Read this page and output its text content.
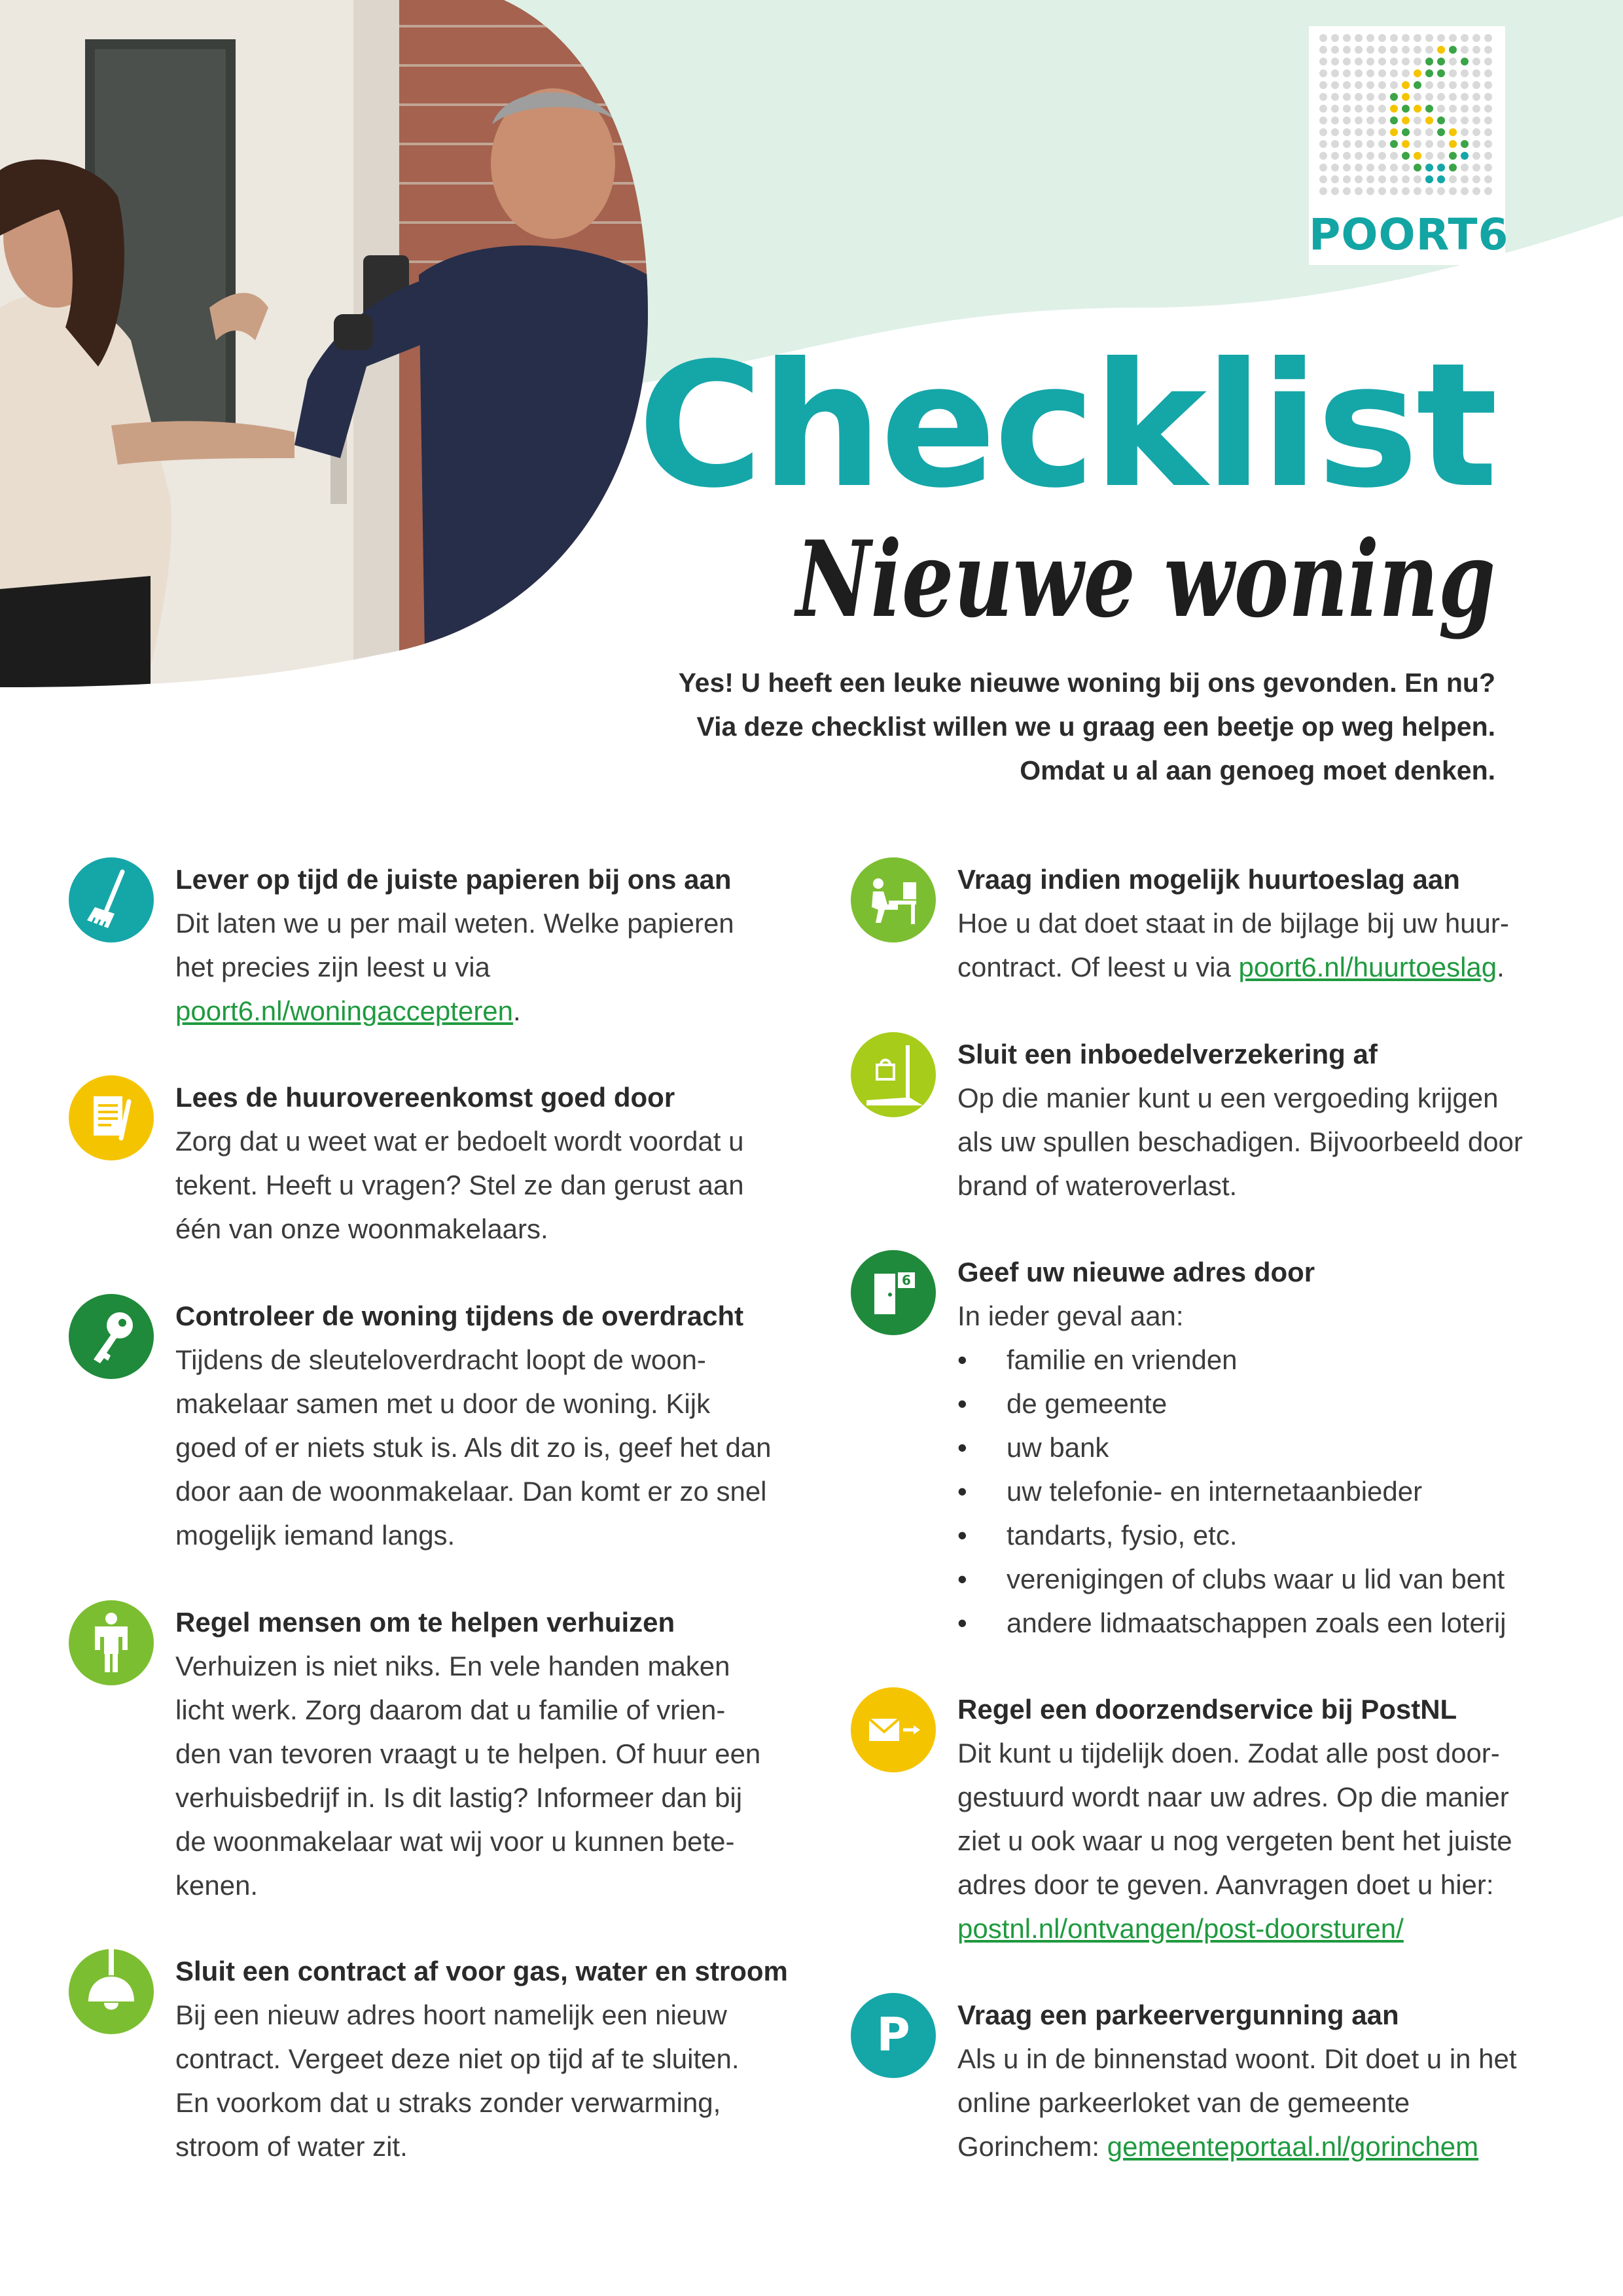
POORT6
Checklist
Nieuwe woning
Yes! U heeft een leuke nieuwe woning bij ons gevonden. En nu?
Via deze checklist willen we u graag een beetje op weg helpen.
Omdat u al aan genoeg moet denken.
Lever op tijd de juiste papieren bij ons aan

Dit laten we u per mail weten. Welke papieren

het precies zijn leest u via

poort6.nl/woningaccepteren.

Lees de huurovereenkomst goed door

Zorg dat u weet wat er bedoelt wordt voordat u

tekent. Heeft u vragen? Stel ze dan gerust aan

één van onze woonmakelaars.

Controleer de woning tijdens de overdracht

Tijdens de sleuteloverdracht loopt de woon-

makelaar samen met u door de woning. Kijk

goed of er niets stuk is. Als dit zo is, geef het dan

door aan de woonmakelaar. Dan komt er zo snel

mogelijk iemand langs.

Regel mensen om te helpen verhuizen

Verhuizen is niet niks. En vele handen maken

licht werk. Zorg daarom dat u familie of vrien-

den van tevoren vraagt u te helpen. Of huur een

verhuisbedrijf in. Is dit lastig? Informeer dan bij

de woonmakelaar wat wij voor u kunnen bete-

kenen.

Sluit een contract af voor gas, water en stroom

Bij een nieuw adres hoort namelijk een nieuw

contract. Vergeet deze niet op tijd af te sluiten.

En voorkom dat u straks zonder verwarming,

stroom of water zit.

Vraag indien mogelijk huurtoeslag aan

Hoe u dat doet staat in de bijlage bij uw huur-

contract. Of leest u via poort6.nl/huurtoeslag.

Sluit een inboedelverzekering af

Op die manier kunt u een vergoeding krijgen

als uw spullen beschadigen. Bijvoorbeeld door

brand of wateroverlast.

6 Geef uw nieuwe adres door

In ieder geval aan:

• familie en vrienden
• de gemeente
• uw bank
• uw telefonie- en internetaanbieder
• tandarts, fysio, etc.
• verenigingen of clubs waar u lid van bent
• andere lidmaatschappen zoals een loterij
Regel een doorzendservice bij PostNL

Dit kunt u tijdelijk doen. Zodat alle post door-

gestuurd wordt naar uw adres. Op die manier

ziet u ook waar u nog vergeten bent het juiste

adres door te geven. Aanvragen doet u hier:

postnl.nl/ontvangen/post-doorsturen/

P Vraag een parkeervergunning aan

Als u in de binnenstad woont. Dit doet u in het

online parkeerloket van de gemeente

Gorinchem: gemeenteportaal.nl/gorinchem
